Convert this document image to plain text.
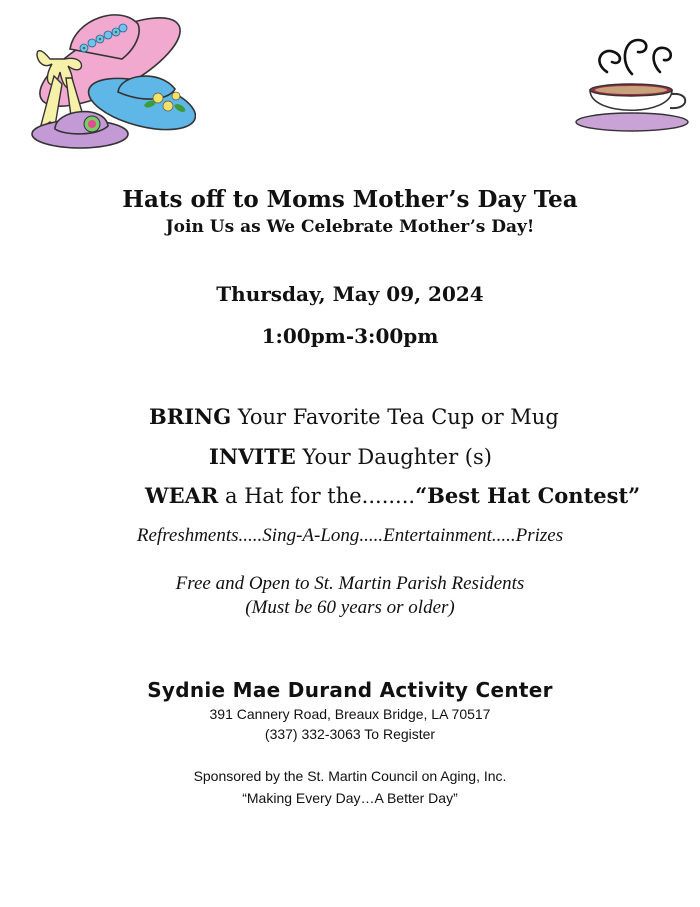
Hats off to Moms Mother’s Day Tea
Join Us as We Celebrate Mother’s Day!
Thursday, May 09, 2024
1:00pm-3:00pm
BRING Your Favorite Tea Cup or Mug
INVITE Your Daughter (s)
WEAR a Hat for the........“Best Hat Contest”
Refreshments.....Sing-A-Long.....Entertainment.....Prizes
Free and Open to St. Martin Parish Residents
(Must be 60 years or older)
Sydnie Mae Durand Activity Center
391 Cannery Road, Breaux Bridge, LA 70517
(337) 332-3063 To Register
Sponsored by the St. Martin Council on Aging, Inc.
“Making Every Day…A Better Day”
